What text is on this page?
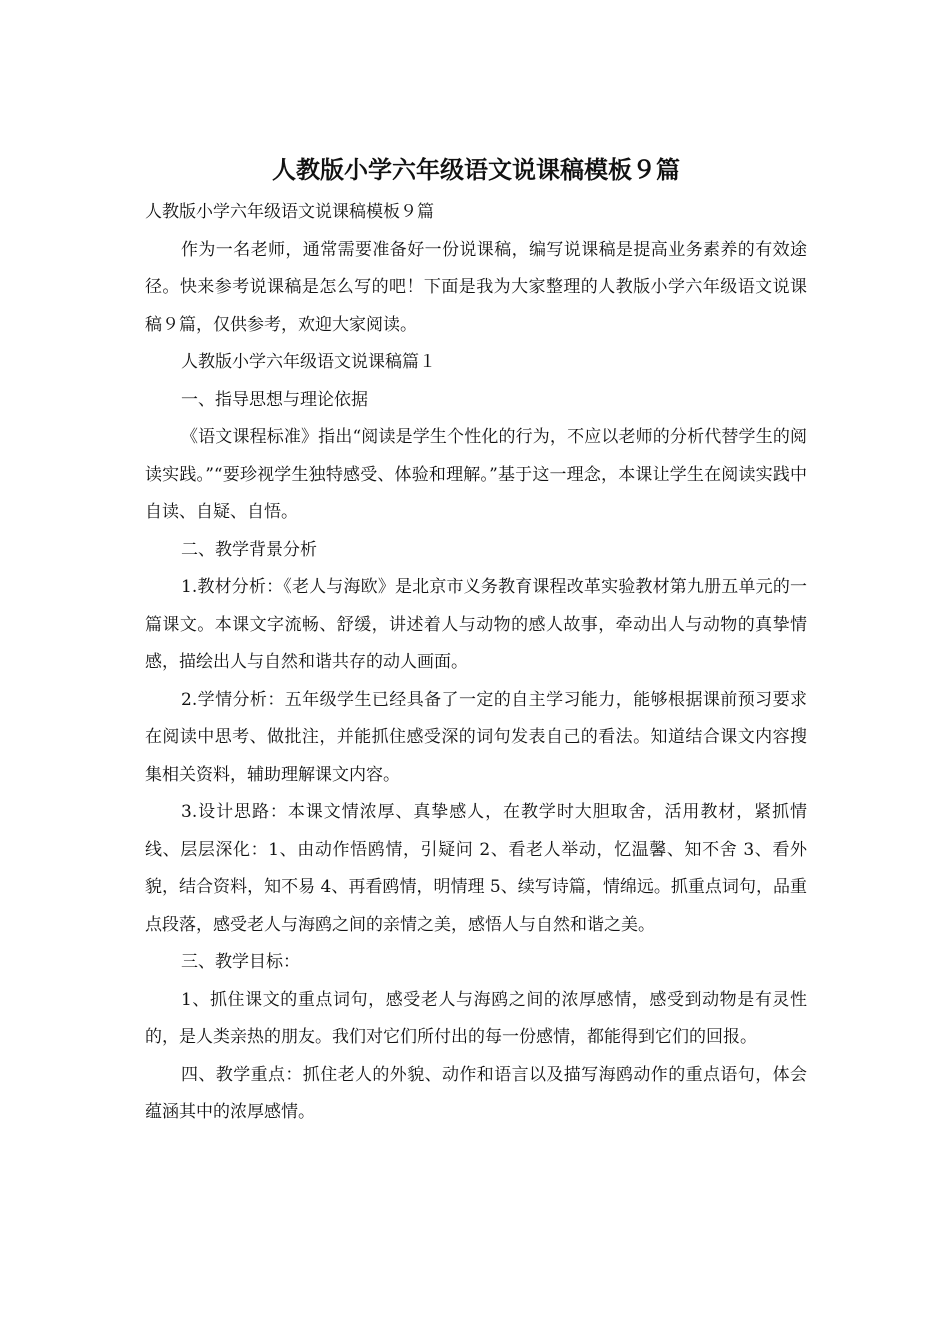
人教版小学六年级语文说课稿模板９篇

人教版小学六年级语文说课稿模板９篇

作为一名老师，通常需要准备好一份说课稿，编写说课稿是提高业务素养的有效途径。快来参考说课稿是怎么写的吧！下面是我为大家整理的人教版小学六年级语文说课稿９篇，仅供参考，欢迎大家阅读。

人教版小学六年级语文说课稿篇１

一、指导思想与理论依据

《语文课程标准》指出“阅读是学生个性化的行为，不应以老师的分析代替学生的阅读实践。”“要珍视学生独特感受、体验和理解。”基于这一理念，本课让学生在阅读实践中自读、自疑、自悟。

二、教学背景分析

1.教材分析：《老人与海欧》是北京市义务教育课程改革实验教材第九册五单元的一篇课文。本课文字流畅、舒缓，讲述着人与动物的感人故事，牵动出人与动物的真挚情感，描绘出人与自然和谐共存的动人画面。

2.学情分析：五年级学生已经具备了一定的自主学习能力，能够根据课前预习要求在阅读中思考、做批注，并能抓住感受深的词句发表自己的看法。知道结合课文内容搜集相关资料，辅助理解课文内容。

3.设计思路：本课文情浓厚、真挚感人，在教学时大胆取舍，活用教材，紧抓情线、层层深化：1、由动作悟鸥情，引疑问 2、看老人举动，忆温馨、知不舍 3、看外貌，结合资料，知不易 4、再看鸥情，明情理 5、续写诗篇，情绵远。抓重点词句，品重点段落，感受老人与海鸥之间的亲情之美，感悟人与自然和谐之美。

三、教学目标：

1、抓住课文的重点词句，感受老人与海鸥之间的浓厚感情，感受到动物是有灵性的，是人类亲热的朋友。我们对它们所付出的每一份感情，都能得到它们的回报。

四、教学重点：抓住老人的外貌、动作和语言以及描写海鸥动作的重点语句，体会蕴涵其中的浓厚感情。
